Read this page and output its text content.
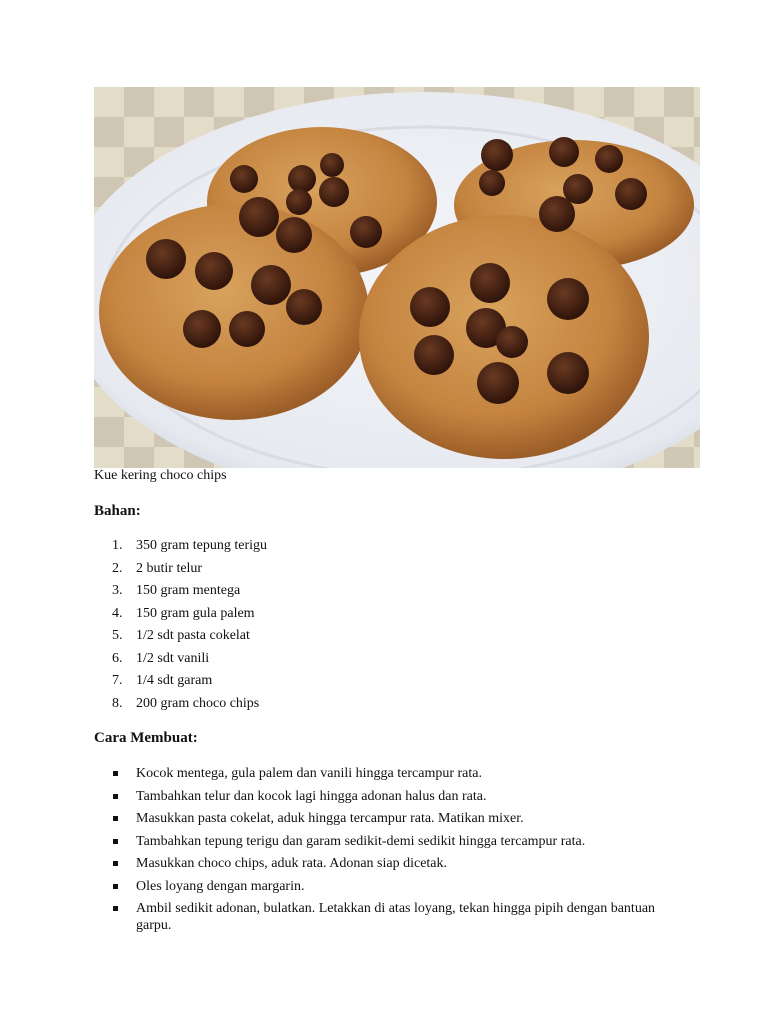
Kue kering choco chips
Bahan:
1. 350 gram tepung terigu
2. 2 butir telur
3. 150 gram mentega
4. 150 gram gula palem
5. 1/2 sdt pasta cokelat
6. 1/2 sdt vanili
7. 1/4 sdt garam
8. 200 gram choco chips
Cara Membuat:
Kocok mentega, gula palem dan vanili hingga tercampur rata.
Tambahkan telur dan kocok lagi hingga adonan halus dan rata.
Masukkan pasta cokelat, aduk hingga tercampur rata. Matikan mixer.
Tambahkan tepung terigu dan garam sedikit-demi sedikit hingga tercampur rata.
Masukkan choco chips, aduk rata. Adonan siap dicetak.
Oles loyang dengan margarin.
Ambil sedikit adonan, bulatkan. Letakkan di atas loyang, tekan hingga pipih dengan bantuan garpu.
